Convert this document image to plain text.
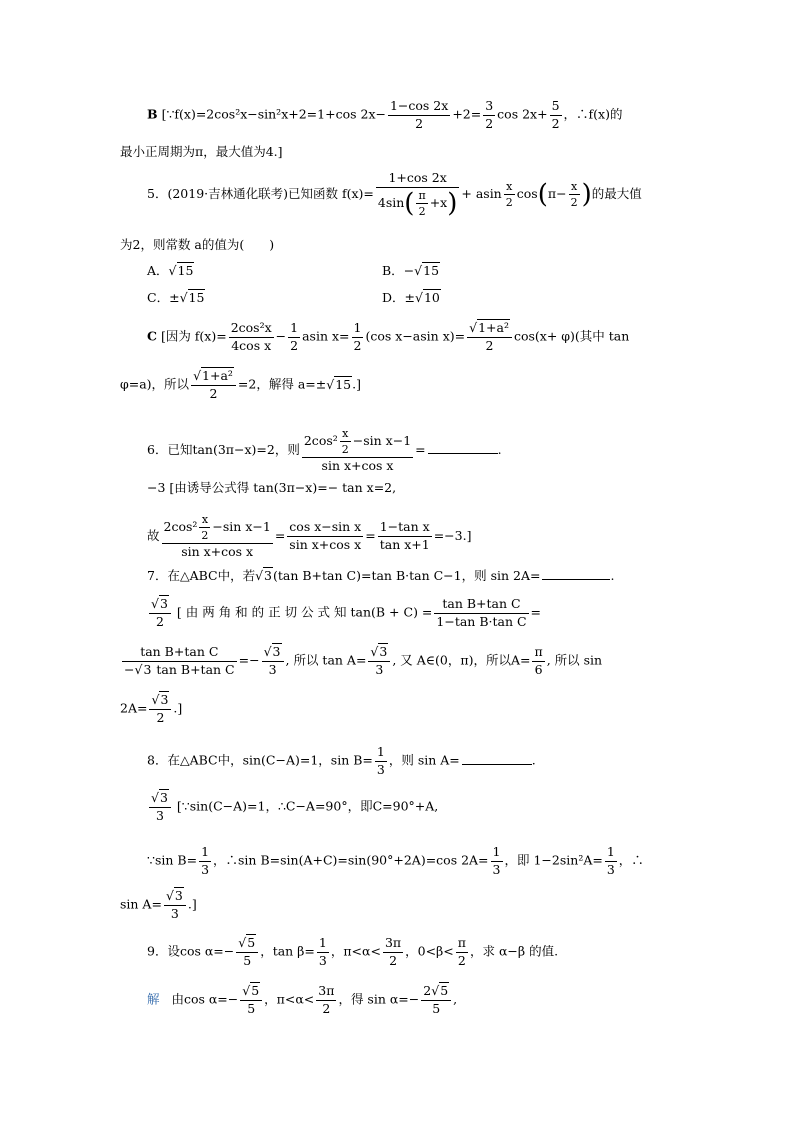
B [∵f(x)=2cos²x−sin²x+2=1+cos $2x- \frac{1-\cos 2x}{2} +2= \frac{3}{2}$ $\cos 2x+ \frac{5}{2}$ ，∴f(x)的
最小正周期为π，最大值为4.]
5．(2019·吉林通化联考)已知函数 $f(x)= \frac{1+\cos 2x}{4\sin( \frac{\pi}{2} +x)} + asin \frac{x}{2} \cos(\pi- \frac{x}{2}$ )的最大值
为2，则常数 a的值为(　　)
A．√15	B．−√15
C．±√15	D．±√10
C [因为 $f(x)= \frac{\text{2cos²x}}{\text{4cos x}} - \frac{1}{2}$ asin $x= \frac{1}{2} (\cos$ x−asin $x)= \frac{\text{√1+a²}}{2} \cos(x+ \varphi)$(其中 tan
φ=a)，所以 $\frac{\text{√1+a²}}{2} =2$，解得 a=±√15.]
6．已知tan(3π−x)=2，则 $\frac{2\cos^2 \frac{x}{2} -\sin x-1}{\text{sin x+cos x}}$ =	.
−3 [由诱导公式得 tan(3π−x)=− tan x=2,
故 $\frac{2\cos^2 \frac{x}{2} -\sin x-1}{\text{sin x+cos x}} = \frac{\text{cos x−sin x}}{\text{sin x+cos x}} = \frac{\text{1−tan x}}{\text{tan x+1}} =-3$.]
7．在△ABC中，若√3(tan B+tan C)=tan B·tan C−1，则 sin 2A=	.
$\frac{√3}{2}$ [ 由 两 角 和 的 正 切 公 式 知 $\tan(B + C) = \frac{\text{tan B+tan C}}{\text{1−tan B·tan C}}$ =
$\frac{\text{tan B+tan C}}{\text{−√3 tan B+tan C}} =- \frac{√3}{3}$ , 所以 $\tan A= \frac{√3}{3}$ , 又 A∈(0，π)，所以$A= \frac{\pi}{6}$ , 所以 sin
$2A= \frac{√3}{2}$ .]
8．在△ABC中，sin(C−A)=1，$\sin B= \frac{1}{3}$ ，则 sin A=	.
$\frac{√3}{3}$ [∵sin(C−A)=1，∴C−A=90°，即C=90°+A,
∵sin $B= \frac{1}{3}$ ，∴sin B=sin(A+C)=sin(90°+2A)=cos $2A= \frac{1}{3}$ ，即 $1-2\sin^2A= \frac{1}{3}$ ，∴
$\sin A= \frac{√3}{3}$ .]
9．设$\cos \alpha=- \frac{√5}{5}$ ，$\tan \beta= \frac{1}{3}$ ，$\pi<\alpha< \frac{3\pi}{2}$ ，$0<\beta< \frac{\pi}{2}$ ，求 α−β 的值.
解 由$\cos \alpha=- \frac{√5}{5}$ ，$\pi<\alpha< \frac{3\pi}{2}$ ，得 $\sin \alpha=- \frac{2√5}{5}$ ,
